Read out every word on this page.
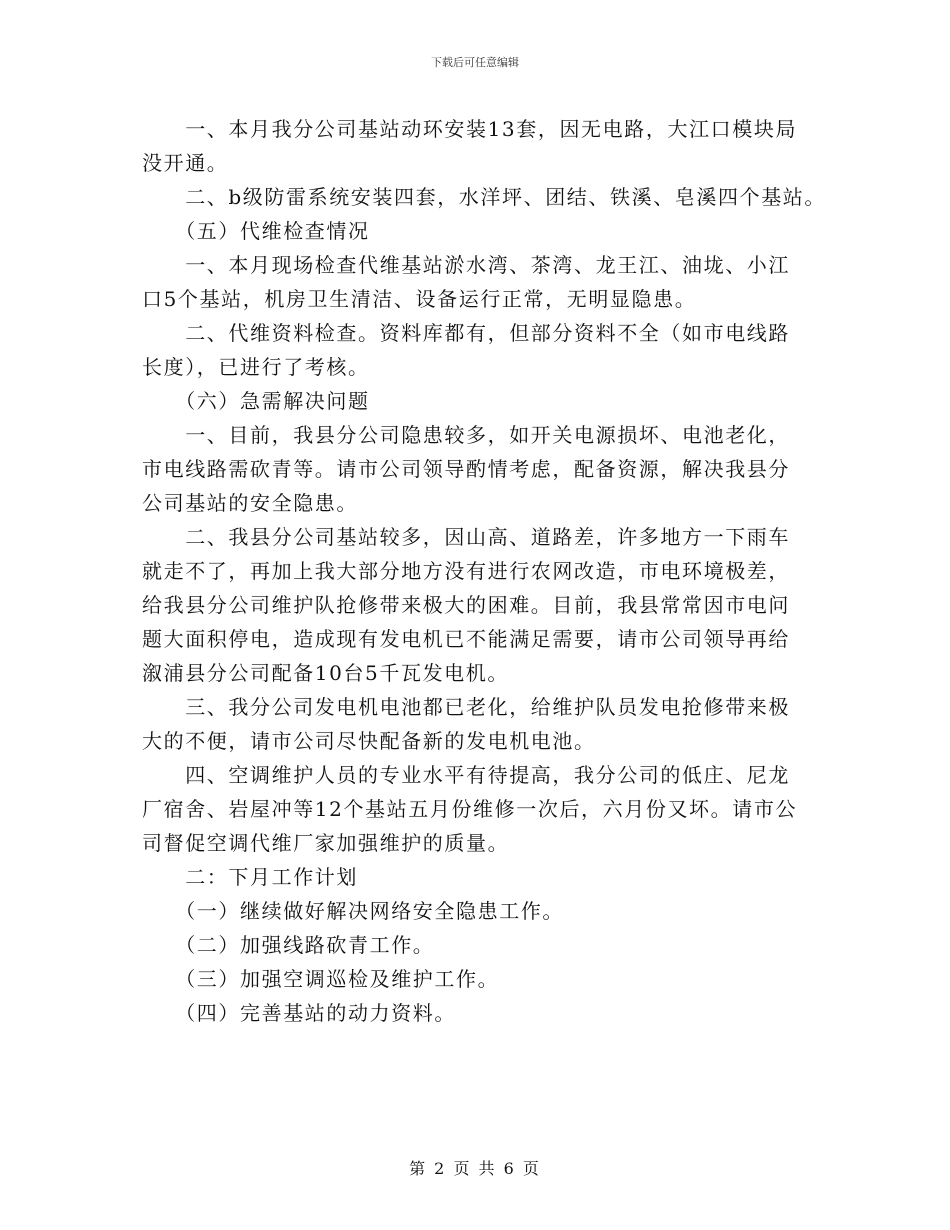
下载后可任意编辑
　　一、本月我分公司基站动环安装13套，因无电路，大江口模块局
没开通。
　　二、b级防雷系统安装四套，水洋坪、团结、铁溪、皂溪四个基站。
　　（五）代维检查情况
　　一、本月现场检查代维基站淤水湾、茶湾、龙王江、油垅、小江
口5个基站，机房卫生清洁、设备运行正常，无明显隐患。
　　二、代维资料检查。资料库都有，但部分资料不全（如市电线路
长度），已进行了考核。
　　（六）急需解决问题
　　一、目前，我县分公司隐患较多，如开关电源损坏、电池老化，
市电线路需砍青等。请市公司领导酌情考虑，配备资源，解决我县分
公司基站的安全隐患。
　　二、我县分公司基站较多，因山高、道路差，许多地方一下雨车
就走不了，再加上我大部分地方没有进行农网改造，市电环境极差，
给我县分公司维护队抢修带来极大的困难。目前，我县常常因市电问
题大面积停电，造成现有发电机已不能满足需要，请市公司领导再给
溆浦县分公司配备10台5千瓦发电机。
　　三、我分公司发电机电池都已老化，给维护队员发电抢修带来极
大的不便，请市公司尽快配备新的发电机电池。
　　四、空调维护人员的专业水平有待提高，我分公司的低庄、尼龙
厂宿舍、岩屋冲等12个基站五月份维修一次后，六月份又坏。请市公
司督促空调代维厂家加强维护的质量。
　　二：下月工作计划
　　（一）继续做好解决网络安全隐患工作。
　　（二）加强线路砍青工作。
　　（三）加强空调巡检及维护工作。
　　（四）完善基站的动力资料。
第 2 页 共 6 页
